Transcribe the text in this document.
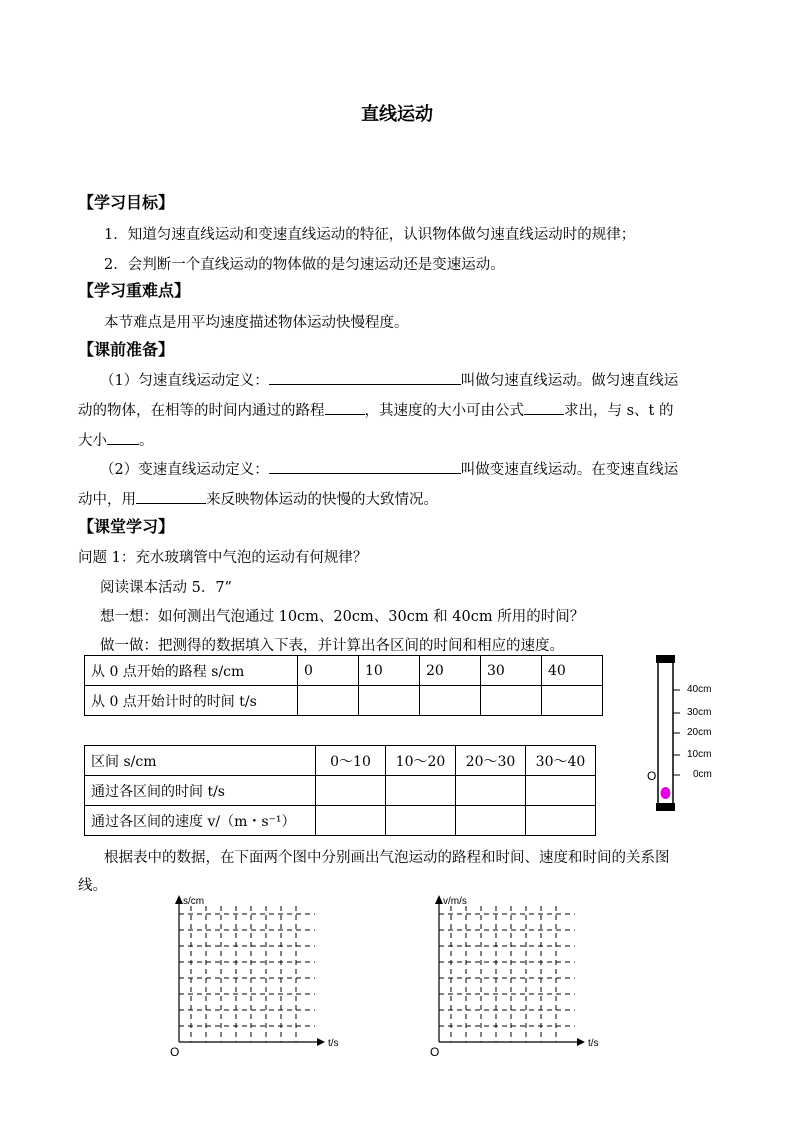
直线运动
【学习目标】
1．知道匀速直线运动和变速直线运动的特征，认识物体做匀速直线运动时的规律；
2．会判断一个直线运动的物体做的是匀速运动还是变速运动。
【学习重难点】
本节难点是用平均速度描述物体运动快慢程度。
【课前准备】
（1）匀速直线运动定义：	叫做匀速直线运动。做匀速直线运
动的物体，在相等的时间内通过的路程	，其速度的大小可由公式	求出，与 s、t 的
大小 。
（2）变速直线运动定义：	叫做变速直线运动。在变速直线运
动中，用	来反映物体运动的快慢的大致情况。
【课堂学习】
问题 1：充水玻璃管中气泡的运动有何规律？
阅读课本活动 5．7”
想一想：如何测出气泡通过 10cm、20cm、30cm 和 40cm 所用的时间？
做一做：把测得的数据填入下表，并计算出各区间的时间和相应的速度。
从 0 点开始的路程 s/cm	0	10	20	30	40
从 0 点开始计时的时间 t/s					
区间 s/cm	0～10	10～20	20～30	30～40
通过各区间的时间 t/s				
通过各区间的速度 v/（m・s⁻¹）				
40cm
30cm
20cm
10cm
0cm
O
根据表中的数据，在下面两个图中分别画出气泡运动的路程和时间、速度和时间的关系图
线。
s/cm
t/s
O
v/m/s
t/s
O
